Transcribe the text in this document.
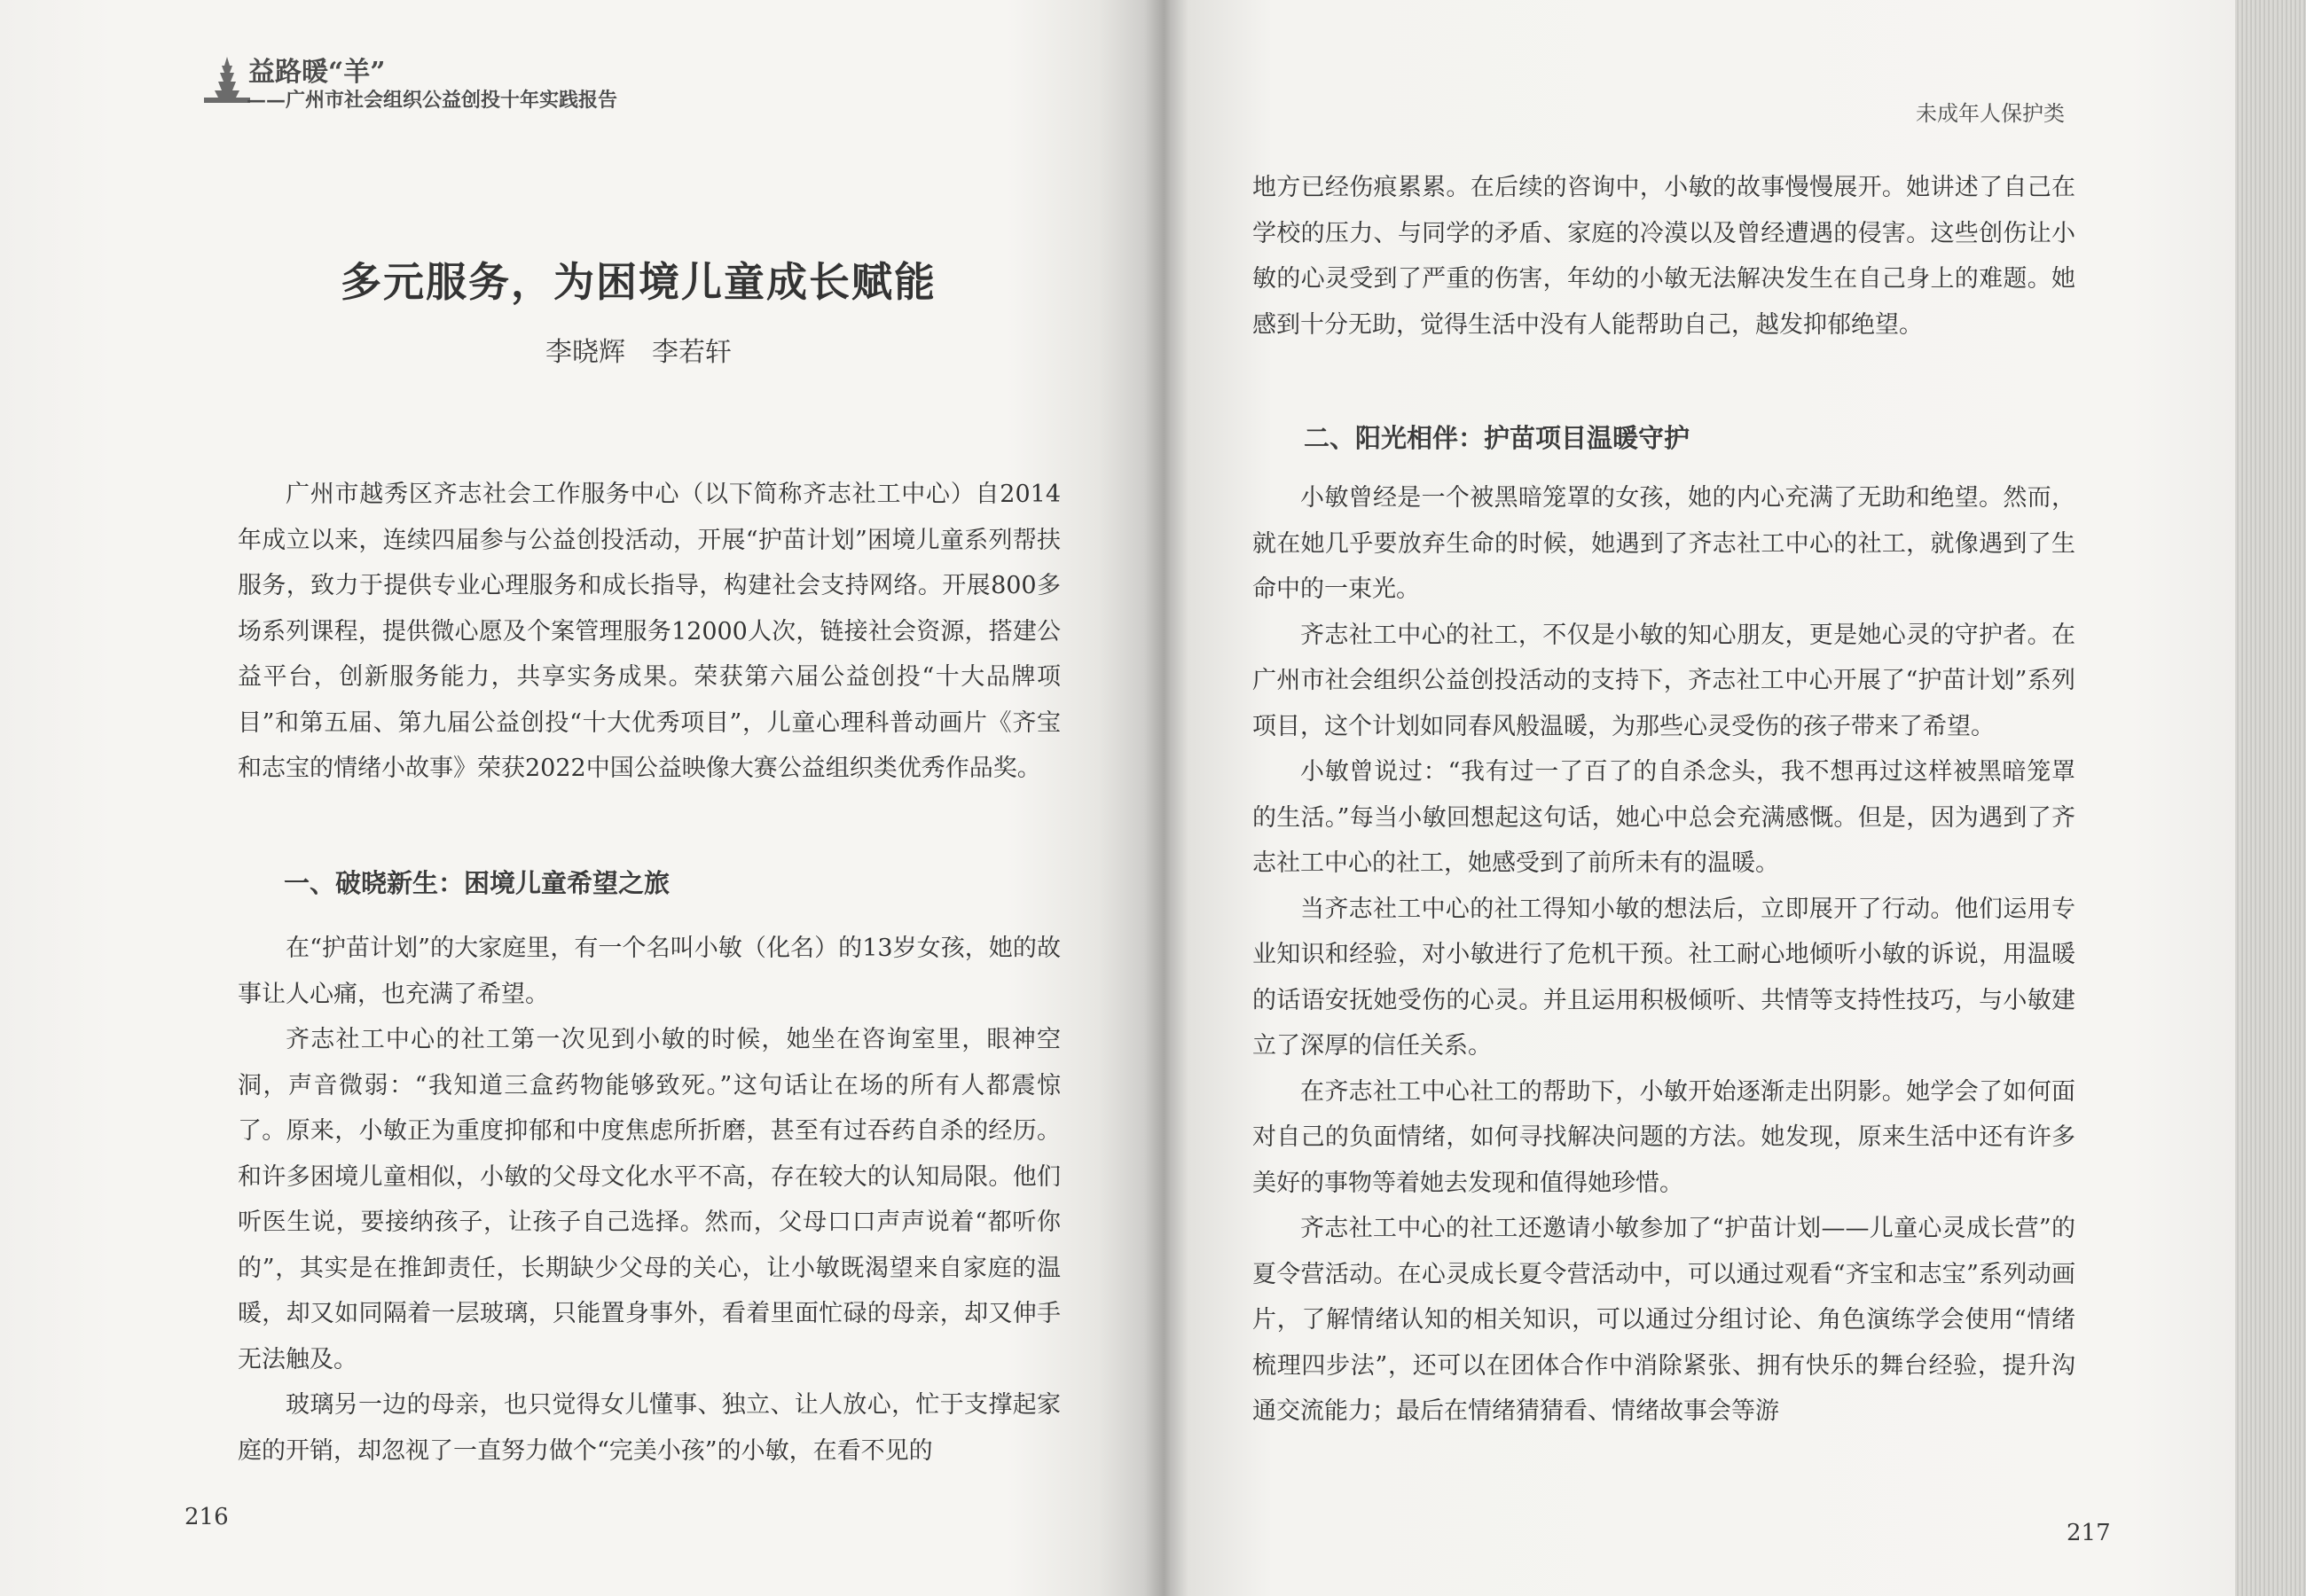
益路暖“羊”
——广州市社会组织公益创投十年实践报告
未成年人保护类
多元服务，为困境儿童成长赋能
李晓辉　李若轩

广州市越秀区齐志社会工作服务中心（以下简称齐志社工中心）自2014年成立以来，连续四届参与公益创投活动，开展“护苗计划”困境儿童系列帮扶服务，致力于提供专业心理服务和成长指导，构建社会支持网络。开展800多场系列课程，提供微心愿及个案管理服务12000人次，链接社会资源，搭建公益平台，创新服务能力，共享实务成果。荣获第六届公益创投“十大品牌项目”和第五届、第九届公益创投“十大优秀项目”，儿童心理科普动画片《齐宝和志宝的情绪小故事》荣获2022中国公益映像大赛公益组织类优秀作品奖。

一、破晓新生：困境儿童希望之旅

在“护苗计划”的大家庭里，有一个名叫小敏（化名）的13岁女孩，她的故事让人心痛，也充满了希望。

齐志社工中心的社工第一次见到小敏的时候，她坐在咨询室里，眼神空洞，声音微弱：“我知道三盒药物能够致死。”这句话让在场的所有人都震惊了。原来，小敏正为重度抑郁和中度焦虑所折磨，甚至有过吞药自杀的经历。和许多困境儿童相似，小敏的父母文化水平不高，存在较大的认知局限。他们听医生说，要接纳孩子，让孩子自己选择。然而，父母口口声声说着“都听你的”，其实是在推卸责任，长期缺少父母的关心，让小敏既渴望来自家庭的温暖，却又如同隔着一层玻璃，只能置身事外，看着里面忙碌的母亲，却又伸手无法触及。

玻璃另一边的母亲，也只觉得女儿懂事、独立、让人放心，忙于支撑起家庭的开销，却忽视了一直努力做个“完美小孩”的小敏，在看不见的

216

地方已经伤痕累累。在后续的咨询中，小敏的故事慢慢展开。她讲述了自己在学校的压力、与同学的矛盾、家庭的冷漠以及曾经遭遇的侵害。这些创伤让小敏的心灵受到了严重的伤害，年幼的小敏无法解决发生在自己身上的难题。她感到十分无助，觉得生活中没有人能帮助自己，越发抑郁绝望。

二、阳光相伴：护苗项目温暖守护

小敏曾经是一个被黑暗笼罩的女孩，她的内心充满了无助和绝望。然而，就在她几乎要放弃生命的时候，她遇到了齐志社工中心的社工，就像遇到了生命中的一束光。

齐志社工中心的社工，不仅是小敏的知心朋友，更是她心灵的守护者。在广州市社会组织公益创投活动的支持下，齐志社工中心开展了“护苗计划”系列项目，这个计划如同春风般温暖，为那些心灵受伤的孩子带来了希望。

小敏曾说过：“我有过一了百了的自杀念头，我不想再过这样被黑暗笼罩的生活。”每当小敏回想起这句话，她心中总会充满感慨。但是，因为遇到了齐志社工中心的社工，她感受到了前所未有的温暖。

当齐志社工中心的社工得知小敏的想法后，立即展开了行动。他们运用专业知识和经验，对小敏进行了危机干预。社工耐心地倾听小敏的诉说，用温暖的话语安抚她受伤的心灵。并且运用积极倾听、共情等支持性技巧，与小敏建立了深厚的信任关系。

在齐志社工中心社工的帮助下，小敏开始逐渐走出阴影。她学会了如何面对自己的负面情绪，如何寻找解决问题的方法。她发现，原来生活中还有许多美好的事物等着她去发现和值得她珍惜。

齐志社工中心的社工还邀请小敏参加了“护苗计划——儿童心灵成长营”的夏令营活动。在心灵成长夏令营活动中，可以通过观看“齐宝和志宝”系列动画片，了解情绪认知的相关知识，可以通过分组讨论、角色演练学会使用“情绪梳理四步法”，还可以在团体合作中消除紧张、拥有快乐的舞台经验，提升沟通交流能力；最后在情绪猜猜看、情绪故事会等游

217
